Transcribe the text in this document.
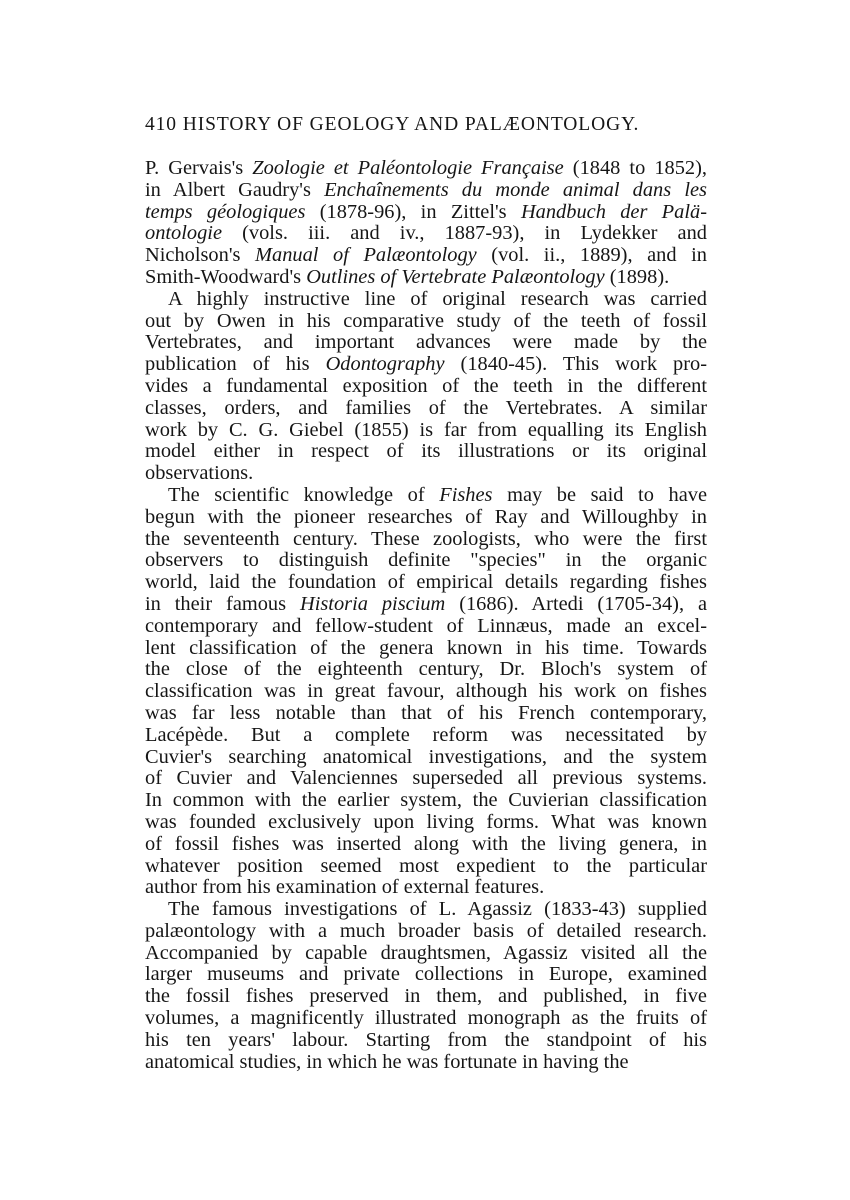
410 HISTORY OF GEOLOGY AND PALÆONTOLOGY.
P. Gervais's Zoologie et Paléontologie Française (1848 to 1852),
in Albert Gaudry's Enchaînements du monde animal dans les
temps géologiques (1878-96), in Zittel's Handbuch der Palä-
ontologie (vols. iii. and iv., 1887-93), in Lydekker and
Nicholson's Manual of Palæontology (vol. ii., 1889), and in
Smith-Woodward's Outlines of Vertebrate Palæontology (1898).
A highly instructive line of original research was carried
out by Owen in his comparative study of the teeth of fossil
Vertebrates, and important advances were made by the
publication of his Odontography (1840-45). This work pro-
vides a fundamental exposition of the teeth in the different
classes, orders, and families of the Vertebrates. A similar
work by C. G. Giebel (1855) is far from equalling its English
model either in respect of its illustrations or its original
observations.
The scientific knowledge of Fishes may be said to have
begun with the pioneer researches of Ray and Willoughby in
the seventeenth century. These zoologists, who were the first
observers to distinguish definite "species" in the organic
world, laid the foundation of empirical details regarding fishes
in their famous Historia piscium (1686). Artedi (1705-34), a
contemporary and fellow-student of Linnæus, made an excel-
lent classification of the genera known in his time. Towards
the close of the eighteenth century, Dr. Bloch's system of
classification was in great favour, although his work on fishes
was far less notable than that of his French contemporary,
Lacépède. But a complete reform was necessitated by
Cuvier's searching anatomical investigations, and the system
of Cuvier and Valenciennes superseded all previous systems.
In common with the earlier system, the Cuvierian classification
was founded exclusively upon living forms. What was known
of fossil fishes was inserted along with the living genera, in
whatever position seemed most expedient to the particular
author from his examination of external features.
The famous investigations of L. Agassiz (1833-43) supplied
palæontology with a much broader basis of detailed research.
Accompanied by capable draughtsmen, Agassiz visited all the
larger museums and private collections in Europe, examined
the fossil fishes preserved in them, and published, in five
volumes, a magnificently illustrated monograph as the fruits of
his ten years' labour. Starting from the standpoint of his
anatomical studies, in which he was fortunate in having the
